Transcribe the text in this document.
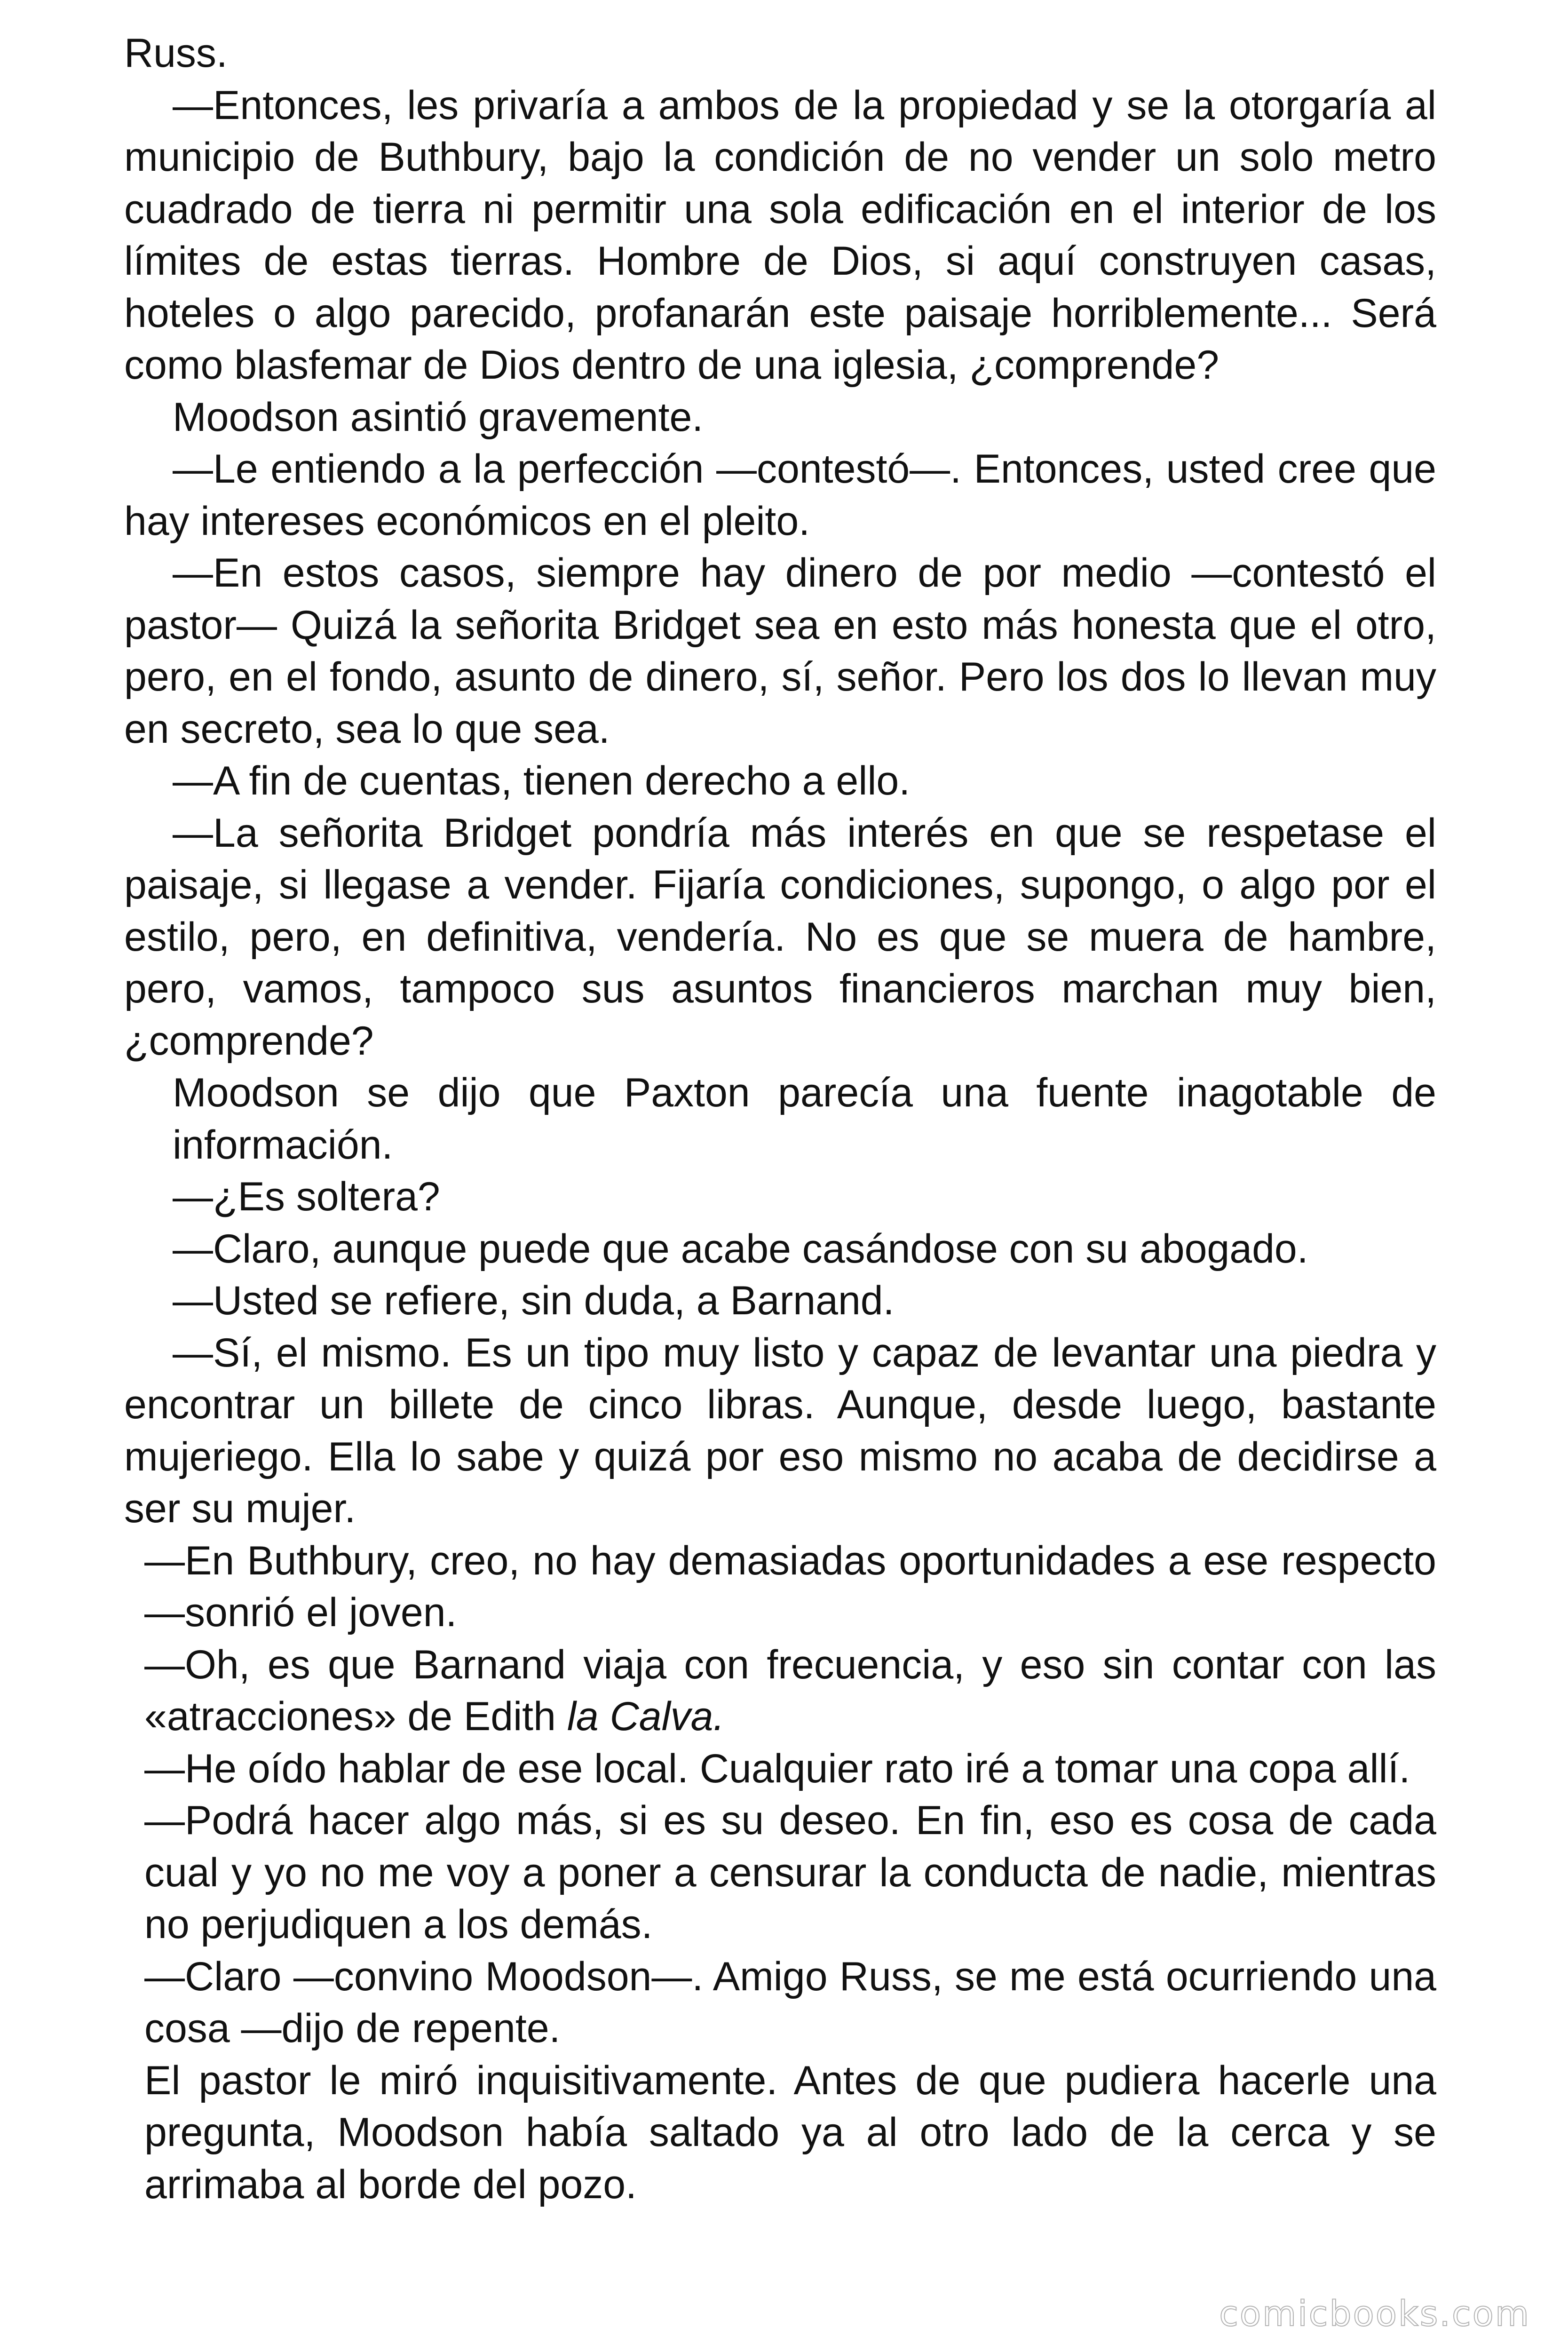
Russ.

—Entonces, les privaría a ambos de la propiedad y se la otorgaría al municipio de Buthbury, bajo la condición de no vender un solo metro cuadrado de tierra ni permitir una sola edificación en el interior de los límites de estas tierras. Hombre de Dios, si aquí construyen casas, hoteles o algo parecido, profanarán este paisaje horriblemente... Será como blasfemar de Dios dentro de una iglesia, ¿comprende?

Moodson asintió gravemente.

—Le entiendo a la perfección —contestó—. Entonces, usted cree que hay intereses económicos en el pleito.

—En estos casos, siempre hay dinero de por medio —contestó el pastor— Quizá la señorita Bridget sea en esto más honesta que el otro, pero, en el fondo, asunto de dinero, sí, señor. Pero los dos lo llevan muy en secreto, sea lo que sea.

—A fin de cuentas, tienen derecho a ello.

—La señorita Bridget pondría más interés en que se respetase el paisaje, si llegase a vender. Fijaría condiciones, supongo, o algo por el estilo, pero, en definitiva, vendería. No es que se muera de hambre, pero, vamos, tampoco sus asuntos financieros marchan muy bien, ¿comprende?

Moodson se dijo que Paxton parecía una fuente inagotable de información.

—¿Es soltera?

—Claro, aunque puede que acabe casándose con su abogado.

—Usted se refiere, sin duda, a Barnand.

—Sí, el mismo. Es un tipo muy listo y capaz de levantar una piedra y encontrar un billete de cinco libras. Aunque, desde luego, bastante mujeriego. Ella lo sabe y quizá por eso mismo no acaba de decidirse a ser su mujer.

—En Buthbury, creo, no hay demasiadas oportunidades a ese respecto —sonrió el joven.

—Oh, es que Barnand viaja con frecuencia, y eso sin contar con las «atracciones» de Edith la Calva.

—He oído hablar de ese local. Cualquier rato iré a tomar una copa allí.

—Podrá hacer algo más, si es su deseo. En fin, eso es cosa de cada cual y yo no me voy a poner a censurar la conducta de nadie, mientras no perjudiquen a los demás.

—Claro —convino Moodson—. Amigo Russ, se me está ocurriendo una cosa —dijo de repente.

El pastor le miró inquisitivamente. Antes de que pudiera hacerle una pregunta, Moodson había saltado ya al otro lado de la cerca y se arrimaba al borde del pozo.

comicbooks.com
